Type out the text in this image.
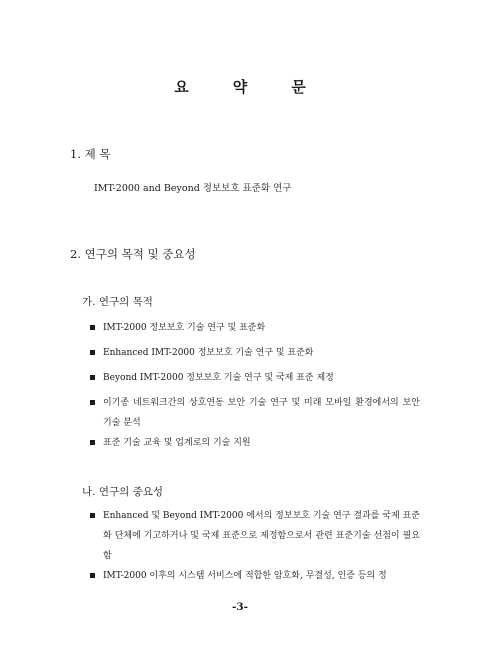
요	약	문
1. 제 목
IMT-2000 and Beyond 정보보호 표준화 연구
2. 연구의 목적 및 중요성
가. 연구의 목적
IMT-2000 정보보호 기술 연구 및 표준화
Enhanced IMT-2000 정보보호 기술 연구 및 표준화
Beyond IMT-2000 정보보호 기술 연구 및 국제 표준 제정
이기종 네트워크간의 상호연동 보안 기술 연구 및 미래 모바일 환경에서의 보안 기술 분석
표준 기술 교육 및 업계로의 기술 지원
나. 연구의 중요성
Enhanced 및 Beyond IMT-2000 에서의 정보보호 기술 연구 결과를 국제 표준화 단체에 기고하거나 및 국제 표준으로 제정함으로서 관련 표준기술 선점이 필요함
IMT-2000 이후의 시스템 서비스에 적합한 암호화, 무결성, 인증 등의 정
-3-
